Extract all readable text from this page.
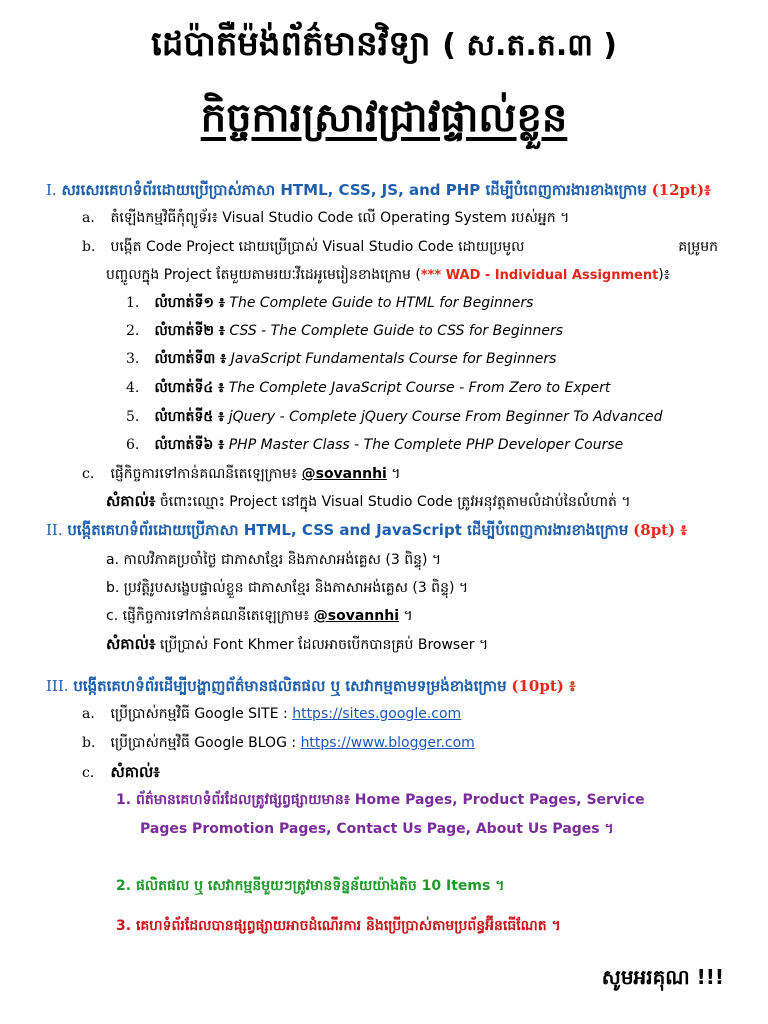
ដេប៉ាតឺម៉ង់ព័ត៌មានវិទ្យា ( ស.ត.ត.៣ )
កិច្ចការស្រាវជ្រាវផ្ទាល់ខ្លួន
I. សរសេរគេហទំព័រដោយប្រើប្រាស់ភាសា HTML, CSS, JS, and PHP ដើម្បីបំពេញការងារខាងក្រោម (12pt)៖
a. តំឡើងកម្មវិធីកុំព្យូទ័រ៖ Visual Studio Code លើ Operating System របស់អ្នក ។
b. បង្កើត Code Project ដោយប្រើប្រាស់ Visual Studio Code ដោយប្រមូល	គម្រូមក
បញ្ចូលក្នុង Project តែមួយតាមរយៈវីដេអូមេរៀនខាងក្រោម (*** WAD - Individual Assignment)៖
1. លំហាត់ទី១ ៖ The Complete Guide to HTML for Beginners
2. លំហាត់ទី២ ៖ CSS - The Complete Guide to CSS for Beginners
3. លំហាត់ទី៣ ៖ JavaScript Fundamentals Course for Beginners
4. លំហាត់ទី៤ ៖ The Complete JavaScript Course - From Zero to Expert
5. លំហាត់ទី៥ ៖ jQuery - Complete jQuery Course From Beginner To Advanced
6. លំហាត់ទី៦ ៖ PHP Master Class - The Complete PHP Developer Course
c. ផ្ញើកិច្ចការទៅកាន់គណនីតេឡេក្រាម៖ @sovannhi ។
សំគាល់៖ ចំពោះឈ្មោះ Project នៅក្នុង Visual Studio Code ត្រូវអនុវត្តតាមលំដាប់នៃលំហាត់ ។
II. បង្កើតគេហទំព័រដោយប្រើភាសា HTML, CSS and JavaScript ដើម្បីបំពេញការងារខាងក្រោម (8pt) ៖
a. កាលវិភាគប្រចាំថ្ងៃ ជាភាសាខ្មែរ និងភាសាអង់គ្លេស (3 ពិន្ទុ) ។
b. ប្រវត្តិរូបសង្ខេបផ្ទាល់ខ្លួន ជាភាសាខ្មែរ និងភាសាអង់គ្លេស (3 ពិន្ទុ) ។
c. ផ្ញើកិច្ចការទៅកាន់គណនីតេឡេក្រាម៖ @sovannhi ។
សំគាល់៖ ប្រើប្រាស់ Font Khmer ដែលអាចបើកបានគ្រប់ Browser ។
III. បង្កើតគេហទំព័រដើម្បីបង្ហាញព័ត៌មានផលិតផល ឬ សេវាកម្មតាមទម្រង់ខាងក្រោម (10pt) ៖
a. ប្រើប្រាស់កម្មវិធី Google SITE : https://sites.google.com
b. ប្រើប្រាស់កម្មវិធី Google BLOG : https://www.blogger.com
c. សំគាល់៖
1. ព័ត៌មានគេហទំព័រដែលត្រូវផ្សព្វផ្សាយមាន៖ Home Pages, Product Pages, Service
Pages Promotion Pages, Contact Us Page, About Us Pages ។
2. ផលិតផល ឬ សេវាកម្មនីមួយៗត្រូវមានទិន្នន័យយ៉ាងតិច 10 Items ។
3. គេហទំព័រដែលបានផ្សព្វផ្សាយអាចដំណើរការ និងប្រើប្រាស់តាមប្រព័ន្ធអ៊ីនធើណែត ។
សូមអរគុណ !!!
